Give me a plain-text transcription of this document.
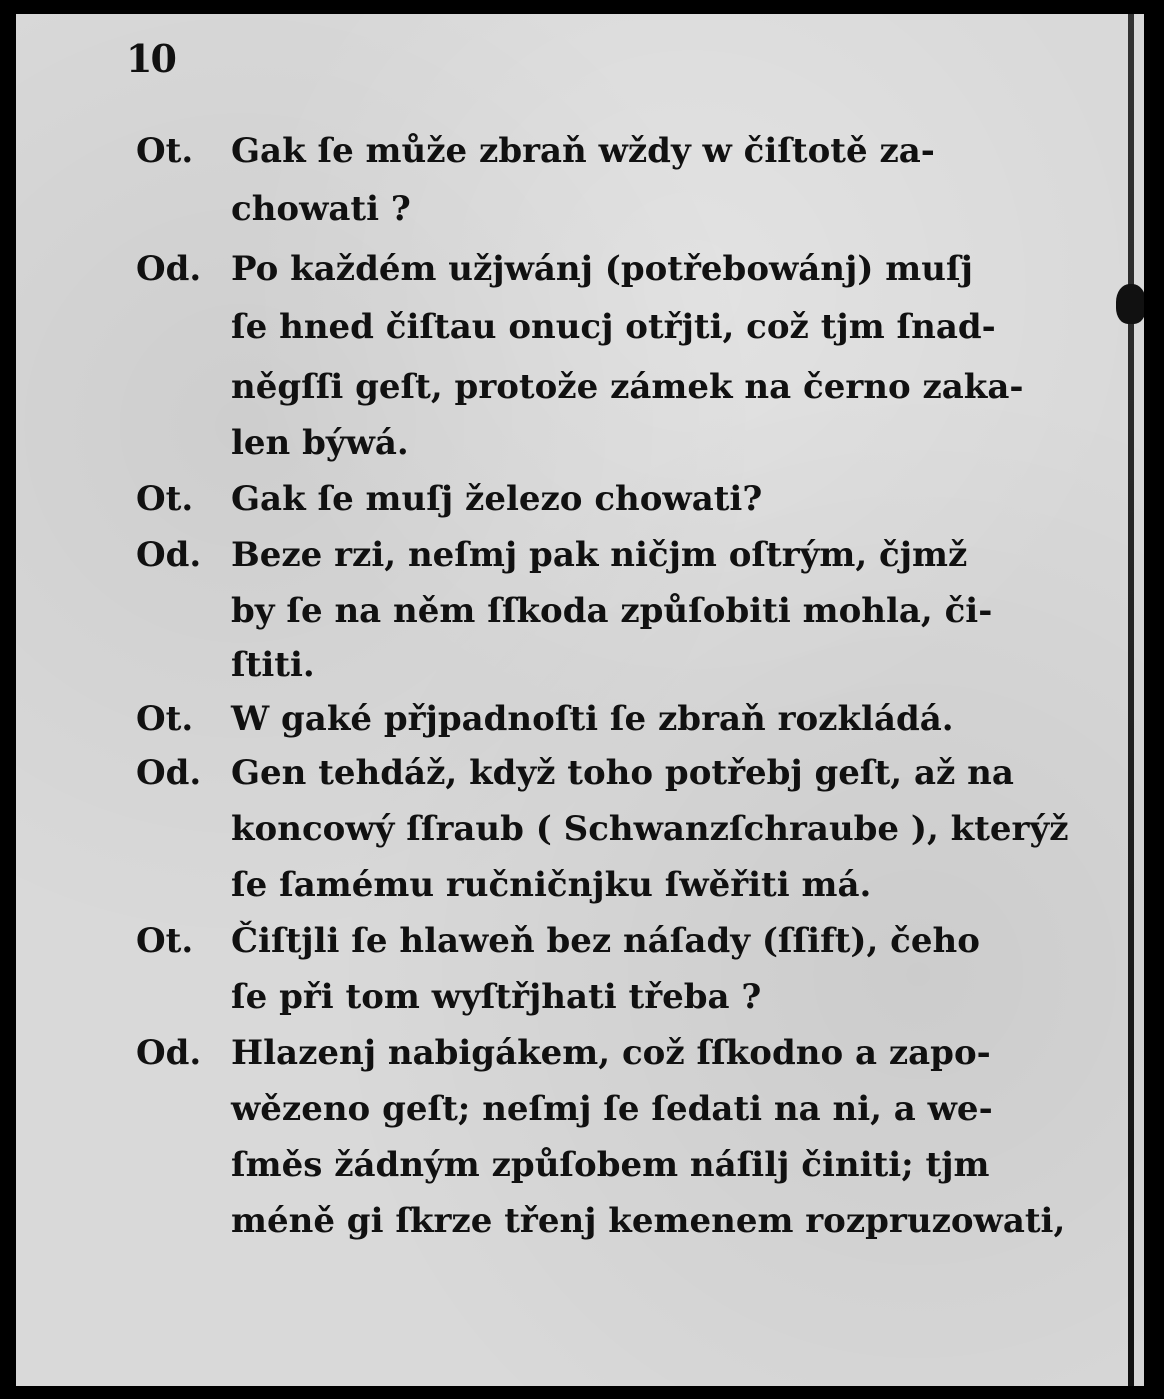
10
Ot. Gak ſe může zbraň wždy w čiſtotě za-
chowati ?
Od. Po každém užjwánj (potřebowánj) muſj
ſe hned čiſtau onucj otřjti, což tjm ſnad-
něgſſi geſt, protože zámek na černo zaka-
len býwá.
Ot. Gak ſe muſj železo chowati?
Od. Beze rzi, neſmj pak ničjm oſtrým, čjmž
by ſe na něm ſſkoda způſobiti mohla, či-
ſtiti.
Ot. W gaké přjpadnoſti ſe zbraň rozkládá.
Od. Gen tehdáž, když toho potřebj geſt, až na
koncowý ſſraub ( Schwanzſchraube ), kterýž
ſe ſamému ručničnjku ſwěřiti má.
Ot. Čiſtjli ſe hlaweň bez náſady (ſſift), čeho
ſe při tom wyſtřjhati třeba ?
Od. Hlazenj nabigákem, což ſſkodno a zapo-
wězeno geſt; neſmj ſe ſedati na ni, a we-
ſměs žádným způſobem náſilj činiti; tjm
méně gi ſkrze třenj kemenem rozpruzowati,
